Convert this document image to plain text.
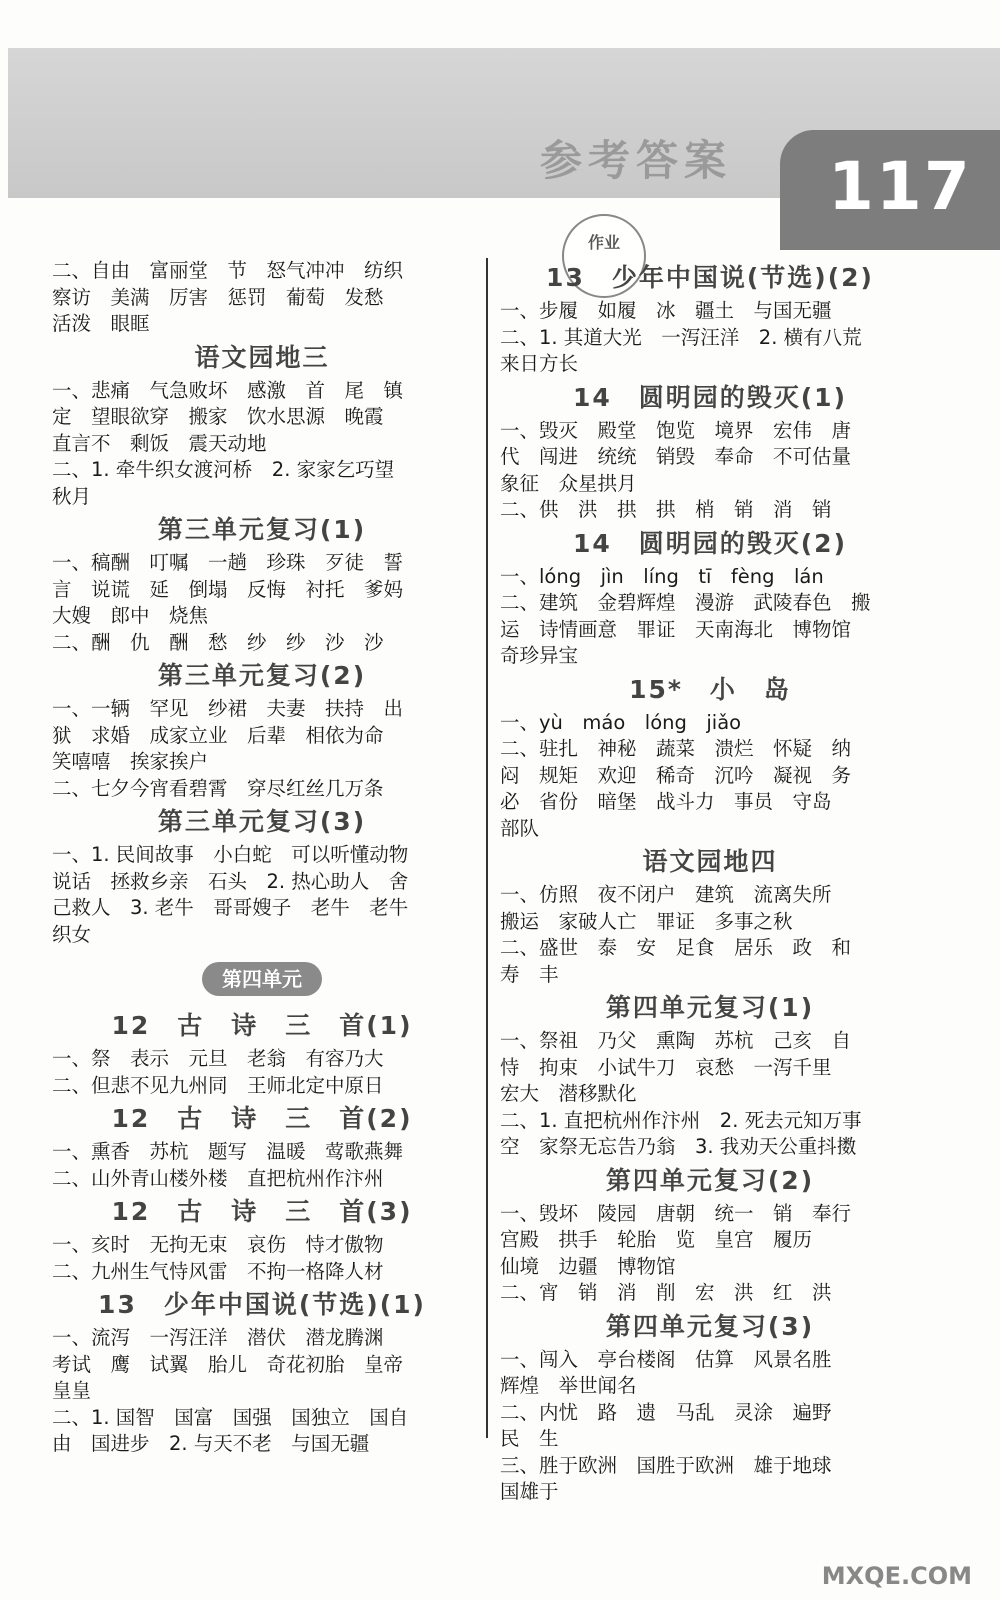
参考答案 117
作业
二、自由　富丽堂　节　怒气冲冲　纺织
察访　美满　厉害　惩罚　葡萄　发愁
活泼　眼眶
语文园地三
一、悲痛　气急败坏　感激　首　尾　镇
定　望眼欲穿　搬家　饮水思源　晚霞
直言不　剩饭　震天动地
二、1. 牵牛织女渡河桥　2. 家家乞巧望
秋月
第三单元复习(1)
一、稿酬　叮嘱　一趟　珍珠　歹徒　誓
言　说谎　延　倒塌　反悔　衬托　爹妈
大嫂　郎中　烧焦
二、酬　仇　酬　愁　纱　纱　沙　沙
第三单元复习(2)
一、一辆　罕见　纱裙　夫妻　扶持　出
狱　求婚　成家立业　后辈　相依为命
笑嘻嘻　挨家挨户
二、七夕今宵看碧霄　穿尽红丝几万条
第三单元复习(3)
一、1. 民间故事　小白蛇　可以听懂动物
说话　拯救乡亲　石头　2. 热心助人　舍
己救人　3. 老牛　哥哥嫂子　老牛　老牛
织女
第四单元
12　古　诗　三　首(1)
一、祭　表示　元旦　老翁　有容乃大
二、但悲不见九州同　王师北定中原日
12　古　诗　三　首(2)
一、熏香　苏杭　题写　温暖　莺歌燕舞
二、山外青山楼外楼　直把杭州作汴州
12　古　诗　三　首(3)
一、亥时　无拘无束　哀伤　恃才傲物
二、九州生气恃风雷　不拘一格降人材
13　少年中国说(节选)(1)
一、流泻　一泻汪洋　潜伏　潜龙腾渊
考试　鹰　试翼　胎儿　奇花初胎　皇帝
皇皇
二、1. 国智　国富　国强　国独立　国自
由　国进步　2. 与天不老　与国无疆
13　少年中国说(节选)(2)
一、步履　如履　冰　疆土　与国无疆
二、1. 其道大光　一泻汪洋　2. 横有八荒
来日方长
14　圆明园的毁灭(1)
一、毁灭　殿堂　饱览　境界　宏伟　唐
代　闯进　统统　销毁　奉命　不可估量
象征　众星拱月
二、供　洪　拱　拱　梢　销　消　销
14　圆明园的毁灭(2)
一、lóng　jìn　líng　tī　fèng　lán
二、建筑　金碧辉煌　漫游　武陵春色　搬
运　诗情画意　罪证　天南海北　博物馆
奇珍异宝
15*　小　岛
一、yù　máo　lóng　jiǎo
二、驻扎　神秘　蔬菜　溃烂　怀疑　纳
闷　规矩　欢迎　稀奇　沉吟　凝视　务
必　省份　暗堡　战斗力　事员　守岛
部队
语文园地四
一、仿照　夜不闭户　建筑　流离失所
搬运　家破人亡　罪证　多事之秋
二、盛世　泰　安　足食　居乐　政　和
寿　丰
第四单元复习(1)
一、祭祖　乃父　熏陶　苏杭　己亥　自
恃　拘束　小试牛刀　哀愁　一泻千里
宏大　潜移默化
二、1. 直把杭州作汴州　2. 死去元知万事
空　家祭无忘告乃翁　3. 我劝天公重抖擞
第四单元复习(2)
一、毁坏　陵园　唐朝　统一　销　奉行
宫殿　拱手　轮胎　览　皇宫　履历
仙境　边疆　博物馆
二、宵　销　消　削　宏　洪　红　洪
第四单元复习(3)
一、闯入　亭台楼阁　估算　风景名胜
辉煌　举世闻名
二、内忧　路　遗　马乱　灵涂　遍野
民　生
三、胜于欧洲　国胜于欧洲　雄于地球
国雄于
MXQE.COM
